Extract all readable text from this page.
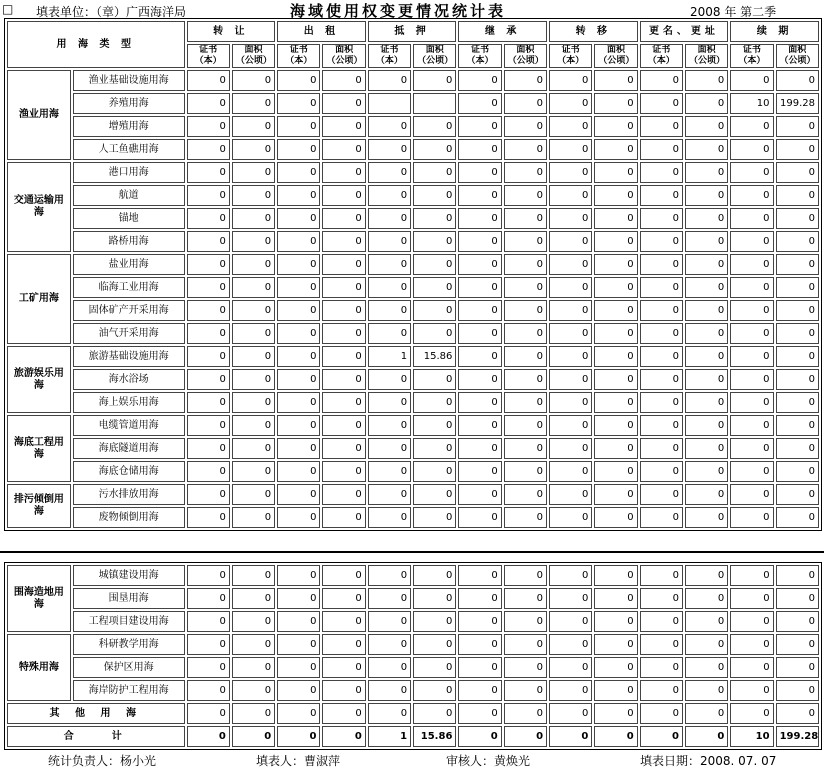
□ 填表单位：（章）广西海洋局	海域使用权变更情况统计表	2008 年 第二季
用 海 类 型		转 让		出 租		抵 押		继 承		转 移		更名、更址		续 期	
		证书（本）	面积（公顷）	证书（本）	面积（公顷）	证书（本）	面积（公顷）	证书（本）	面积（公顷）	证书（本）	面积（公顷）	证书（本）	面积（公顷）	证书（本）	面积（公顷）
渔业用海	渔业基础设施用海	0	0	0	0	0	0	0	0	0	0	0	0	0	0
	养殖用海	0	0	0	0			0	0	0	0	0	0	10	199.28
	增殖用海	0	0	0	0	0	0	0	0	0	0	0	0	0	0
	人工鱼礁用海	0	0	0	0	0	0	0	0	0	0	0	0	0	0
交通运输用海	港口用海	0	0	0	0	0	0	0	0	0	0	0	0	0	0
	航道	0	0	0	0	0	0	0	0	0	0	0	0	0	0
	锚地	0	0	0	0	0	0	0	0	0	0	0	0	0	0
	路桥用海	0	0	0	0	0	0	0	0	0	0	0	0	0	0
工矿用海	盐业用海	0	0	0	0	0	0	0	0	0	0	0	0	0	0
	临海工业用海	0	0	0	0	0	0	0	0	0	0	0	0	0	0
	固体矿产开采用海	0	0	0	0	0	0	0	0	0	0	0	0	0	0
	油气开采用海	0	0	0	0	0	0	0	0	0	0	0	0	0	0
旅游娱乐用海	旅游基础设施用海	0	0	0	0	1	15.86	0	0	0	0	0	0	0	0
	海水浴场	0	0	0	0	0	0	0	0	0	0	0	0	0	0
	海上娱乐用海	0	0	0	0	0	0	0	0	0	0	0	0	0	0
海底工程用海	电缆管道用海	0	0	0	0	0	0	0	0	0	0	0	0	0	0
	海底隧道用海	0	0	0	0	0	0	0	0	0	0	0	0	0	0
	海底仓储用海	0	0	0	0	0	0	0	0	0	0	0	0	0	0
排污倾倒用海	污水排放用海	0	0	0	0	0	0	0	0	0	0	0	0	0	0
	废物倾倒用海	0	0	0	0	0	0	0	0	0	0	0	0	0	0
围海造地用海	城镇建设用海	0	0	0	0	0	0	0	0	0	0	0	0	0	0
	围垦用海	0	0	0	0	0	0	0	0	0	0	0	0	0	0
	工程项目建设用海	0	0	0	0	0	0	0	0	0	0	0	0	0	0
特殊用海	科研教学用海	0	0	0	0	0	0	0	0	0	0	0	0	0	0
	保护区用海	0	0	0	0	0	0	0	0	0	0	0	0	0	0
	海岸防护工程用海	0	0	0	0	0	0	0	0	0	0	0	0	0	0
其 他 用 海		0	0	0	0	0	0	0	0	0	0	0	0	0	0
合　　计		0	0	0	0	1	15.86	0	0	0	0	0	0	10	199.28
统计负责人：杨小光	填表人：曹淑萍	审核人：黄焕光	填表日期：2008. 07. 07
